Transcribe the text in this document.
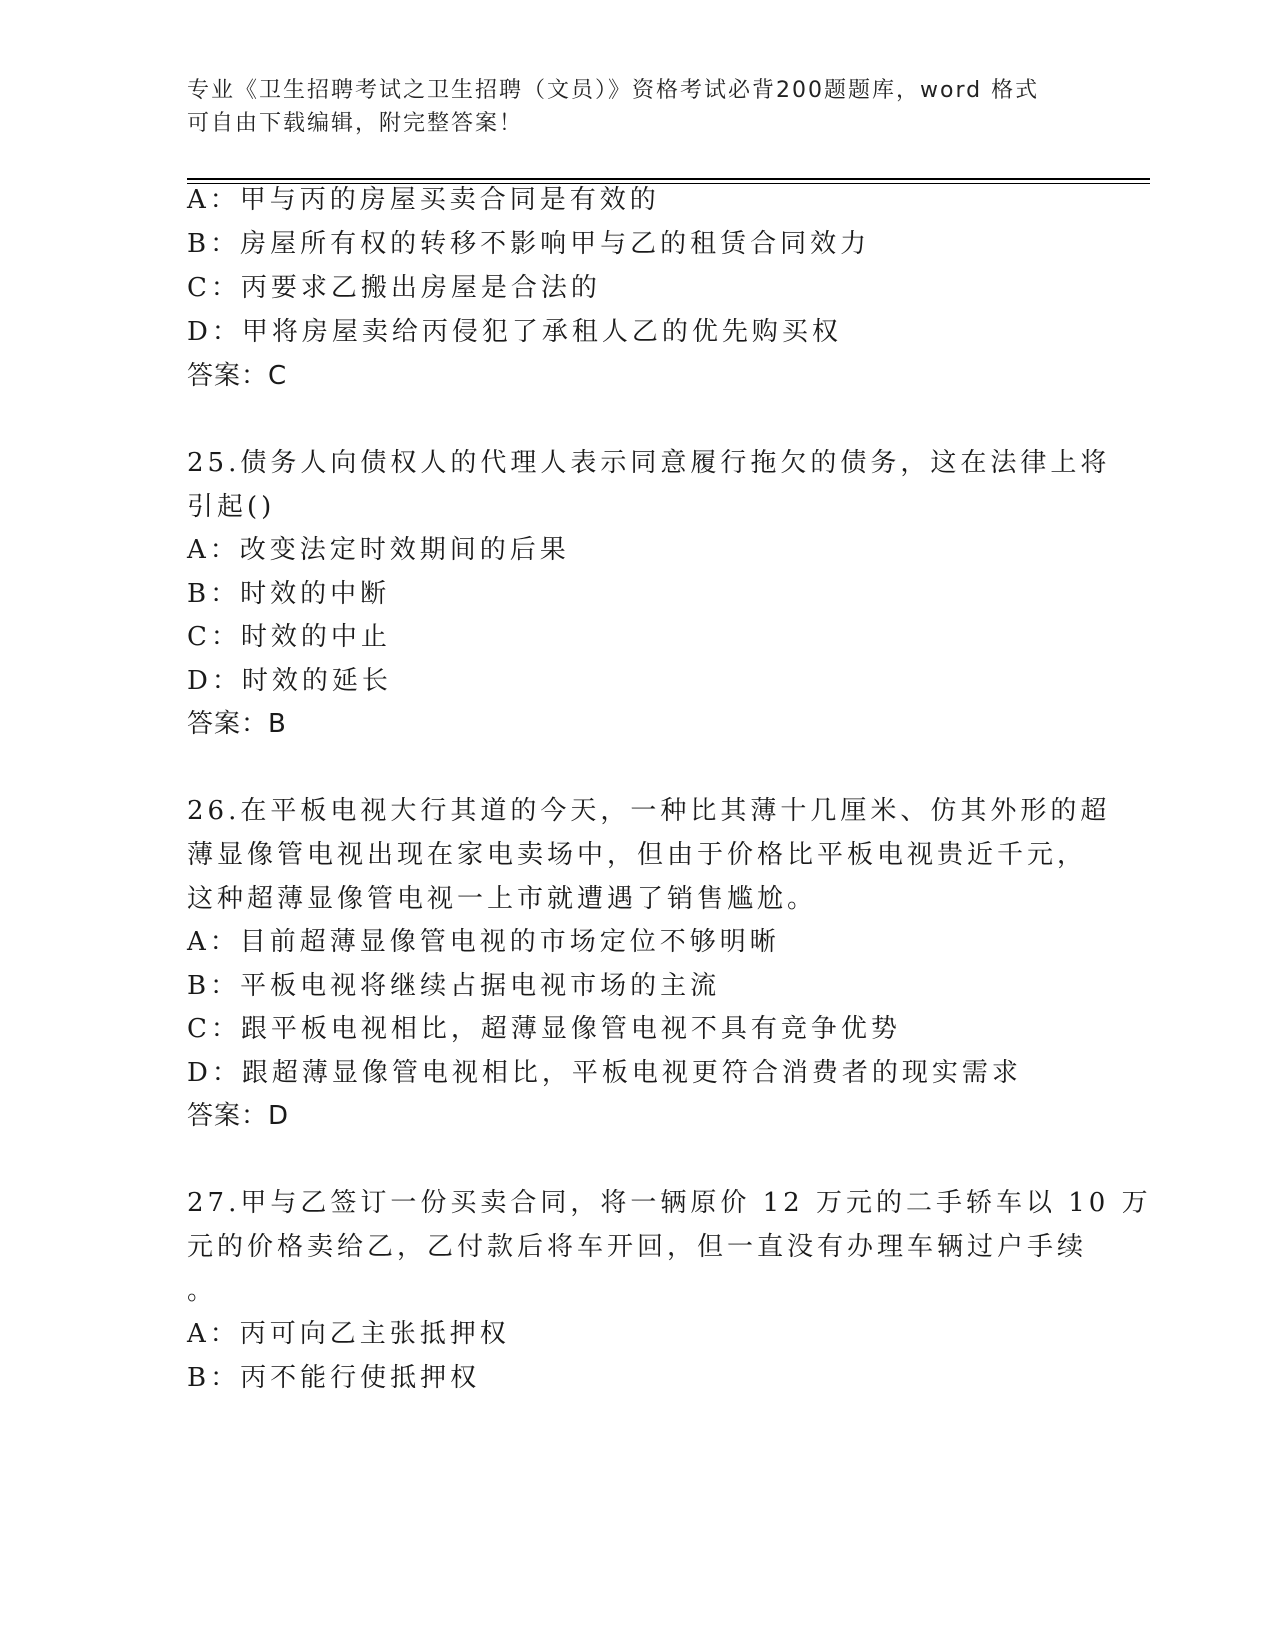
专业《卫生招聘考试之卫生招聘（文员）》资格考试必背200题题库，word 格式
可自由下载编辑，附完整答案！
A：甲与丙的房屋买卖合同是有效的
B：房屋所有权的转移不影响甲与乙的租赁合同效力
C：丙要求乙搬出房屋是合法的
D：甲将房屋卖给丙侵犯了承租人乙的优先购买权
答案：C
25.债务人向债权人的代理人表示同意履行拖欠的债务，这在法律上将
引起()
A：改变法定时效期间的后果
B：时效的中断
C：时效的中止
D：时效的延长
答案：B
26.在平板电视大行其道的今天，一种比其薄十几厘米、仿其外形的超
薄显像管电视出现在家电卖场中，但由于价格比平板电视贵近千元，
这种超薄显像管电视一上市就遭遇了销售尴尬。
A：目前超薄显像管电视的市场定位不够明晰
B：平板电视将继续占据电视市场的主流
C：跟平板电视相比，超薄显像管电视不具有竞争优势
D：跟超薄显像管电视相比，平板电视更符合消费者的现实需求
答案：D
27.甲与乙签订一份买卖合同，将一辆原价 12 万元的二手轿车以 10 万
元的价格卖给乙，乙付款后将车开回，但一直没有办理车辆过户手续
。
A：丙可向乙主张抵押权
B：丙不能行使抵押权
